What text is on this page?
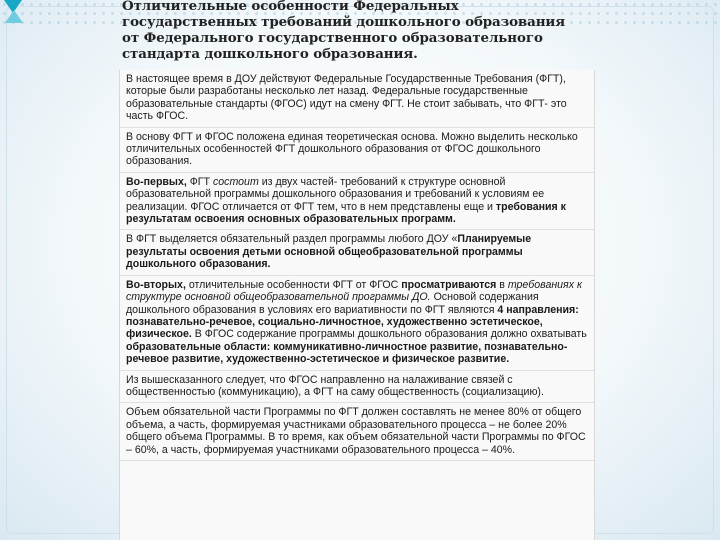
Отличительные особенности Федеральных государственных требований дошкольного образования от Федерального государственного образовательного стандарта дошкольного образования.

В настоящее время в ДОУ действуют Федеральные Государственные Требования (ФГТ), которые были разработаны несколько лет назад. Федеральные государственные образовательные стандарты (ФГОС) идут на смену ФГТ. Не стоит забывать, что ФГТ- это часть ФГОС.

В основу ФГТ и ФГОС положена единая теоретическая основа. Можно выделить несколько отличительных особенностей ФГТ дошкольного образования от ФГОС дошкольного образования.

Во-первых, ФГТ состоит из двух частей- требований к структуре основной образовательной программы дошкольного образования и требований к условиям ее реализации. ФГОС отличается от ФГТ тем, что в нем представлены еще и требования к результатам освоения основных образовательных программ.

В ФГТ выделяется обязательный раздел программы любого ДОУ «Планируемые результаты освоения детьми основной общеобразовательной программы дошкольного образования.

Во-вторых, отличительные особенности ФГТ от ФГОС просматриваются в требованиях к структуре основной общеобразовательной программы ДО. Основой содержания дошкольного образования в условиях его вариативности по ФГТ являются 4 направления: познавательно-речевое, социально-личностное, художественно эстетическое, физическое. В ФГОС содержание программы дошкольного образования должно охватывать образовательные области: коммуникативно-личностное развитие, познавательно-речевое развитие, художественно-эстетическое и физическое развитие.

Из вышесказанного следует, что ФГОС направленно на налаживание связей с общественностью (коммуникацию), а ФГТ на саму общественность (социализацию).

Объем обязательной части Программы по ФГТ должен составлять не менее 80% от общего объема, а часть, формируемая участниками образовательного процесса – не более 20% общего объема Программы. В то время, как объем обязательной части Программы по ФГОС – 60%, а часть, формируемая участниками образовательного процесса – 40%.
